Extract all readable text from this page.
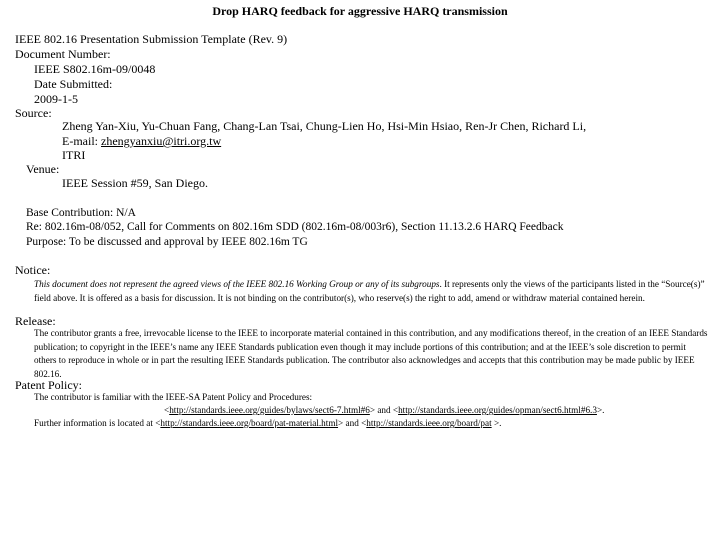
Drop HARQ feedback for aggressive HARQ transmission
IEEE 802.16 Presentation Submission Template (Rev. 9)
Document Number:
IEEE S802.16m-09/0048
Date Submitted:
2009-1-5
Source:
Zheng Yan-Xiu, Yu-Chuan Fang, Chang-Lan Tsai, Chung-Lien Ho, Hsi-Min Hsiao, Ren-Jr Chen, Richard Li,
E-mail: zhengyanxiu@itri.org.tw
ITRI
Venue:
IEEE Session #59, San Diego.
Base Contribution: N/A
Re: 802.16m-08/052, Call for Comments on 802.16m SDD (802.16m-08/003r6), Section 11.13.2.6 HARQ Feedback
Purpose: To be discussed and approval by IEEE 802.16m TG
Notice:
This document does not represent the agreed views of the IEEE 802.16 Working Group or any of its subgroups. It represents only the views of the participants listed in the “Source(s)” field above. It is offered as a basis for discussion. It is not binding on the contributor(s), who reserve(s) the right to add, amend or withdraw material contained herein.
Release:
The contributor grants a free, irrevocable license to the IEEE to incorporate material contained in this contribution, and any modifications thereof, in the creation of an IEEE Standards publication; to copyright in the IEEE’s name any IEEE Standards publication even though it may include portions of this contribution; and at the IEEE’s sole discretion to permit others to reproduce in whole or in part the resulting IEEE Standards publication. The contributor also acknowledges and accepts that this contribution may be made public by IEEE 802.16.
Patent Policy:
The contributor is familiar with the IEEE-SA Patent Policy and Procedures:
<http://standards.ieee.org/guides/bylaws/sect6-7.html#6> and <http://standards.ieee.org/guides/opman/sect6.html#6.3>.
Further information is located at <http://standards.ieee.org/board/pat-material.html> and <http://standards.ieee.org/board/pat >.
